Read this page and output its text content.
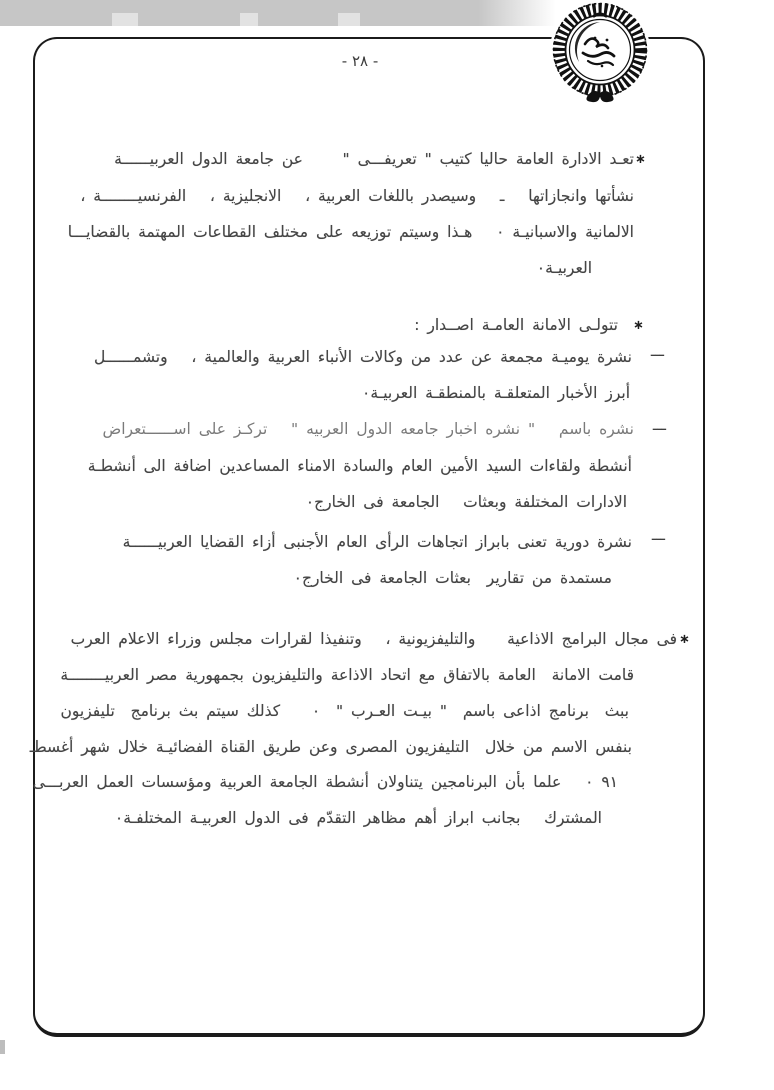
- ٢٨ -
∗
∗
∗
ـــ
ـــ
ـــ
تعـد الادارة العامة حاليا كتيب " تعريفـــى "     عن جامعة الدول العربيــــــة
نشأتها وانجازاتها   ـ   وسيصدر باللغات العربية ،   الانجليزية ،   الفرنسيــــــــة ،
الالمانية والاسبانيـة ٠   هـذا وسيتم توزيعه على مختلف القطاعات المهتمة بالقضايـــا
العربيـة٠
تتولـى الامانة العامـة اصــدار :
نشرة يوميـة مجمعة عن عدد من وكالات الأنباء العربية والعالمية ،   وتشمــــــل
أبرز الأخبار المتعلقـة بالمنطقـة العربيـة٠
نشره باسم   " نشره اخبار جامعه الدول العربيه "   تركـز على اســــــتعراض
أنشطة ولقاءات السيد الأمين العام والسادة الامناء المساعدين اضافة الى أنشطـة
الادارات المختلفة وبعثات   الجامعة فى الخارج٠
نشرة دورية تعنى بابراز اتجاهات الرأى العام الأجنبى أزاء القضايا العربيــــــة
مستمدة من تقارير  بعثات الجامعة فى الخارج٠
فى مجال البرامج الاذاعية    والتليفزيونية ،   وتنفيذا لقرارات مجلس وزراء الاعلام العرب
قامت الامانة  العامة بالاتفاق مع اتحاد الاذاعة والتليفزيون بجمهورية مصر العربيــــــــة
ببث  برنامج اذاعى باسم  " بيـت العـرب "  ٠    كذلك سيتم بث برنامج  تليفزيون
بنفس الاسم من خلال  التليفزيون المصرى وعن طريق القناة الفضائيـة خلال شهر أغسطـ
٩١ ٠   علما بأن البرنامجين يتناولان أنشطة الجامعة العربية ومؤسسات العمل العربـــى
المشترك   بجانب ابراز أهم مظاهر التقدّم فى الدول العربيـة المختلفـة٠
